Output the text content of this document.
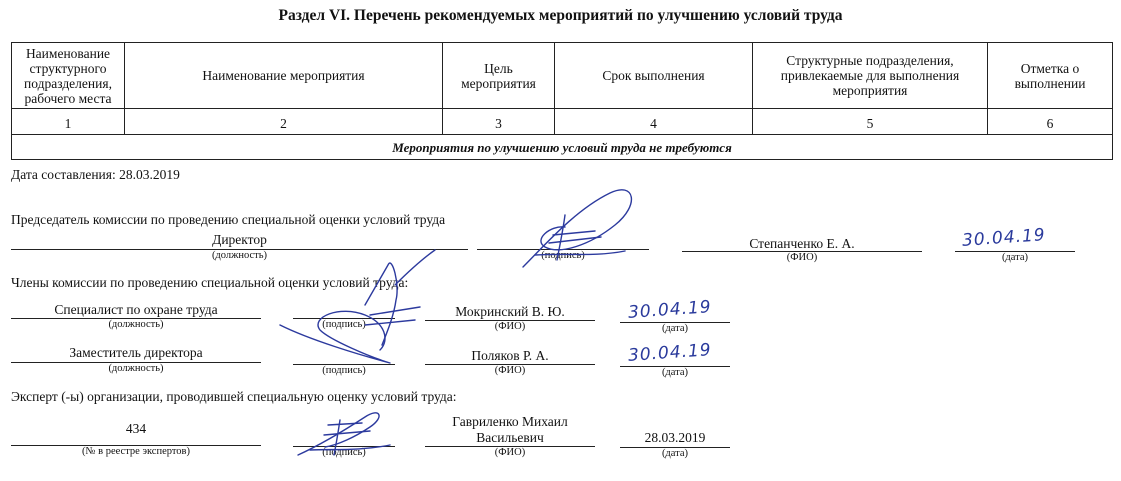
Раздел VI. Перечень рекомендуемых мероприятий по улучшению условий труда
Наименование структурного подразделения, рабочего места	Наименование мероприятия	Цель мероприятия	Срок выполнения	Структурные подразделения, привлекаемые для выполнения мероприятия	Отметка о выполнении
1	2	3	4	5	6
Мероприятия по улучшению условий труда не требуются					
Дата составления: 28.03.2019
Председатель комиссии по проведению специальной оценки условий труда
Директор
(должность)	(подпись)
Степанченко Е. А.
(ФИО)
30.04.19
(дата)
Члены комиссии по проведению специальной оценки условий труда:
Специалист по охране труда
(должность)	(подпись)
Мокринский В. Ю.
(ФИО)
30.04.19
(дата)
Заместитель директора
(должность)	(подпись)
Поляков Р. А.
(ФИО)
30.04.19
(дата)
Эксперт (-ы) организации, проводившей специальную оценку условий труда:
434
(№ в реестре экспертов)	(подпись)
Гавриленко Михаил
Васильевич
(ФИО)
28.03.2019
(дата)
